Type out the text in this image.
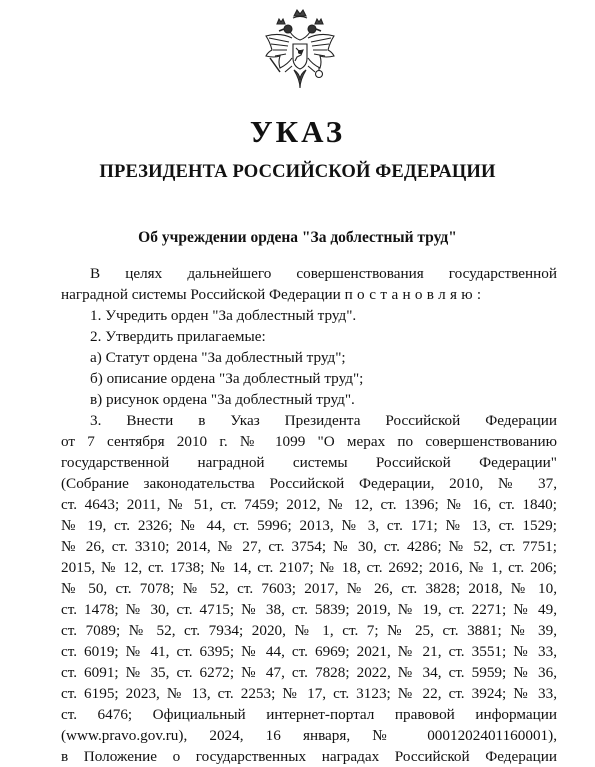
УКАЗ
ПРЕЗИДЕНТА РОССИЙСКОЙ ФЕДЕРАЦИИ
Об учреждении ордена "За доблестный труд"
В целях дальнейшего совершенствования государственной
наградной системы Российской Федерации постановляю:
1. Учредить орден "За доблестный труд".
2. Утвердить прилагаемые:
а) Статут ордена "За доблестный труд";
б) описание ордена "За доблестный труд";
в) рисунок ордена "За доблестный труд".
3. Внести в Указ Президента Российской Федерации
от 7 сентября 2010 г. № 1099 "О мерах по совершенствованию
государственной наградной системы Российской Федерации"
(Собрание законодательства Российской Федерации, 2010, № 37,
ст. 4643; 2011, № 51, ст. 7459; 2012, № 12, ст. 1396; № 16, ст. 1840;
№ 19, ст. 2326; № 44, ст. 5996; 2013, № 3, ст. 171; № 13, ст. 1529;
№ 26, ст. 3310; 2014, № 27, ст. 3754; № 30, ст. 4286; № 52, ст. 7751;
2015, № 12, ст. 1738; № 14, ст. 2107; № 18, ст. 2692; 2016, № 1, ст. 206;
№ 50, ст. 7078; № 52, ст. 7603; 2017, № 26, ст. 3828; 2018, № 10,
ст. 1478; № 30, ст. 4715; № 38, ст. 5839; 2019, № 19, ст. 2271; № 49,
ст. 7089; № 52, ст. 7934; 2020, № 1, ст. 7; № 25, ст. 3881; № 39,
ст. 6019; № 41, ст. 6395; № 44, ст. 6969; 2021, № 21, ст. 3551; № 33,
ст. 6091; № 35, ст. 6272; № 47, ст. 7828; 2022, № 34, ст. 5959; № 36,
ст. 6195; 2023, № 13, ст. 2253; № 17, ст. 3123; № 22, ст. 3924; № 33,
ст. 6476; Официальный интернет-портал правовой информации
(www.pravo.gov.ru), 2024, 16 января, № 0001202401160001),
в Положение о государственных наградах Российской Федерации
